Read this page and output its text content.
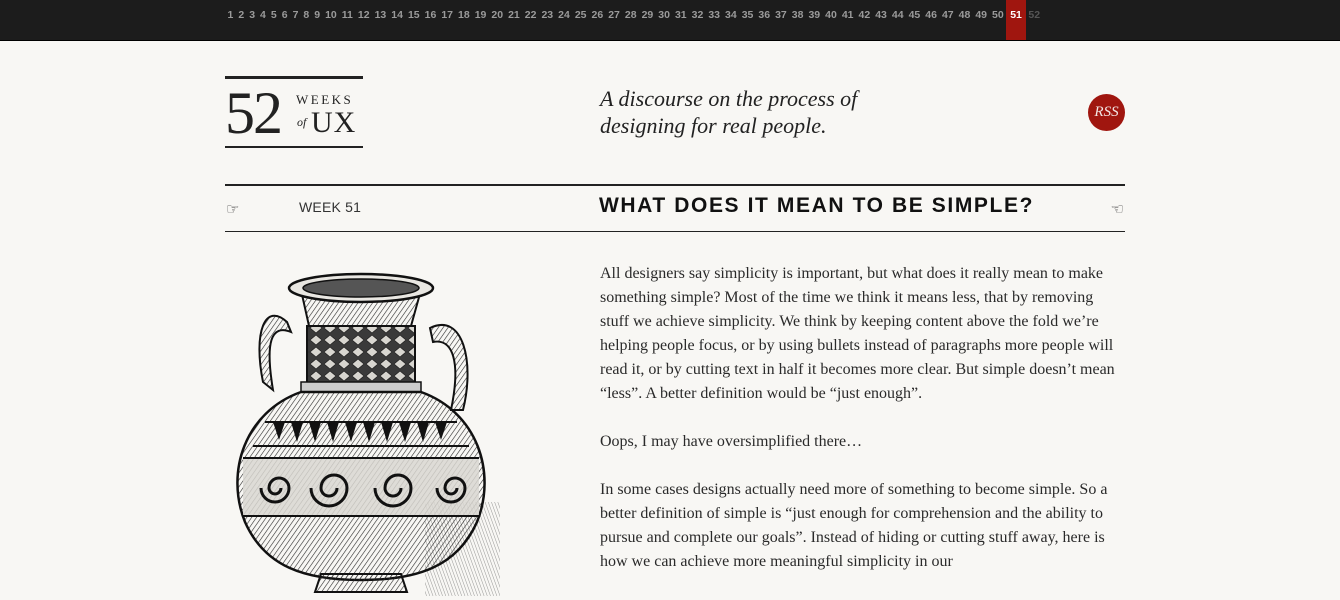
1 2 3 4 5 6 7 8 9 10 11 12 13 14 15 16 17 18 19 20 21 22 23 24 25 26 27 28 29 30 31 32 33 34 35 36 37 38 39 40 41 42 43 44 45 46 47 48 49 50 51 52
52 WEEKS
of UX
A discourse on the process of
designing for real people.
RSS
☞	WEEK 51	WHAT DOES IT MEAN TO BE SIMPLE?	☜

All designers say simplicity is important, but what does it really mean to make something simple? Most of the time we think it means less, that by removing stuff we achieve simplicity. We think by keeping content above the fold we’re helping people focus, or by using bullets instead of paragraphs more people will read it, or by cutting text in half it becomes more clear. But simple doesn’t mean “less”. A better definition would be “just enough”.

Oops, I may have oversimplified there…

In some cases designs actually need more of something to become simple. So a better definition of simple is “just enough for comprehension and the ability to pursue and complete our goals”. Instead of hiding or cutting stuff away, here is how we can achieve more meaningful simplicity in our
